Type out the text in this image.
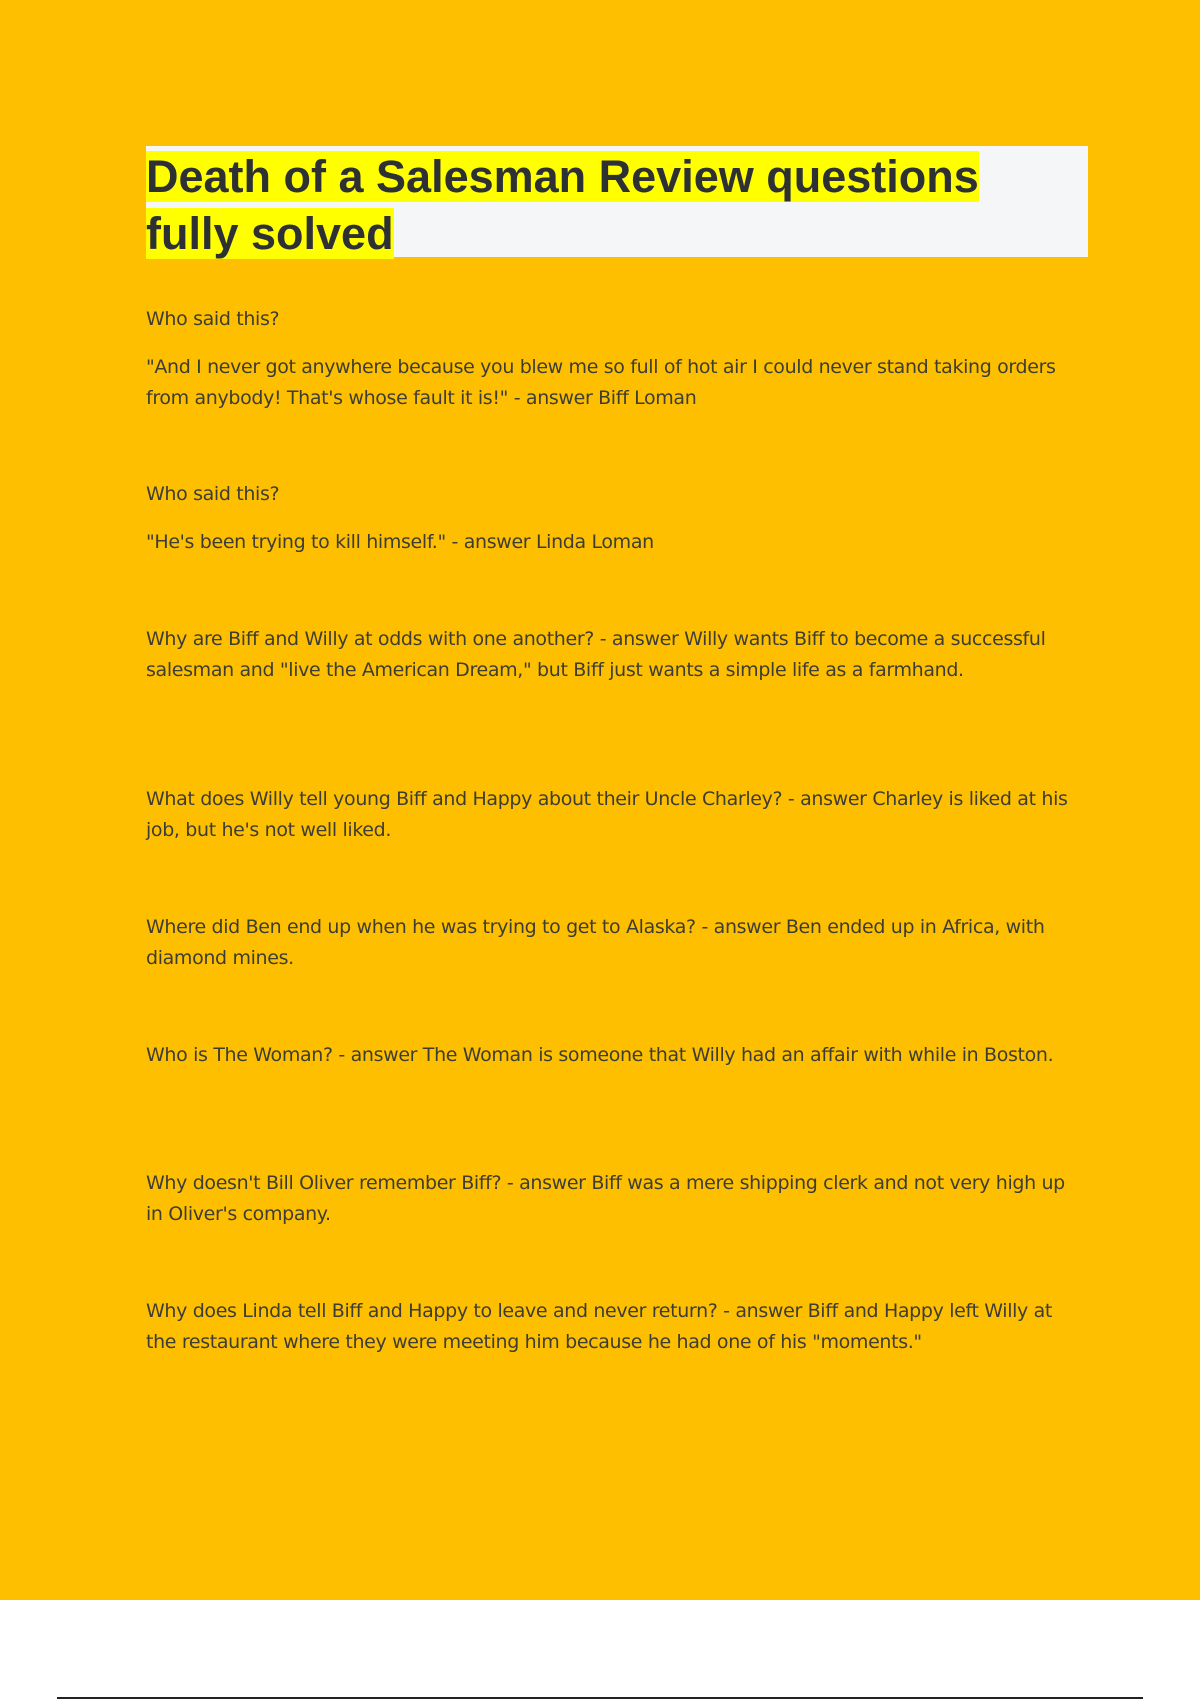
Death of a Salesman Review questions
fully solved

Who said this?

"And I never got anywhere because you blew me so full of hot air I could never stand taking orders from anybody! That's whose fault it is!" - answer Biff Loman

Who said this?

"He's been trying to kill himself." - answer Linda Loman

Why are Biff and Willy at odds with one another? - answer Willy wants Biff to become a successful salesman and "live the American Dream," but Biff just wants a simple life as a farmhand.

What does Willy tell young Biff and Happy about their Uncle Charley? - answer Charley is liked at his job, but he's not well liked.

Where did Ben end up when he was trying to get to Alaska? - answer Ben ended up in Africa, with diamond mines.

Who is The Woman? - answer The Woman is someone that Willy had an affair with while in Boston.

Why doesn't Bill Oliver remember Biff? - answer Biff was a mere shipping clerk and not very high up in Oliver's company.

Why does Linda tell Biff and Happy to leave and never return? - answer Biff and Happy left Willy at the restaurant where they were meeting him because he had one of his "moments."
